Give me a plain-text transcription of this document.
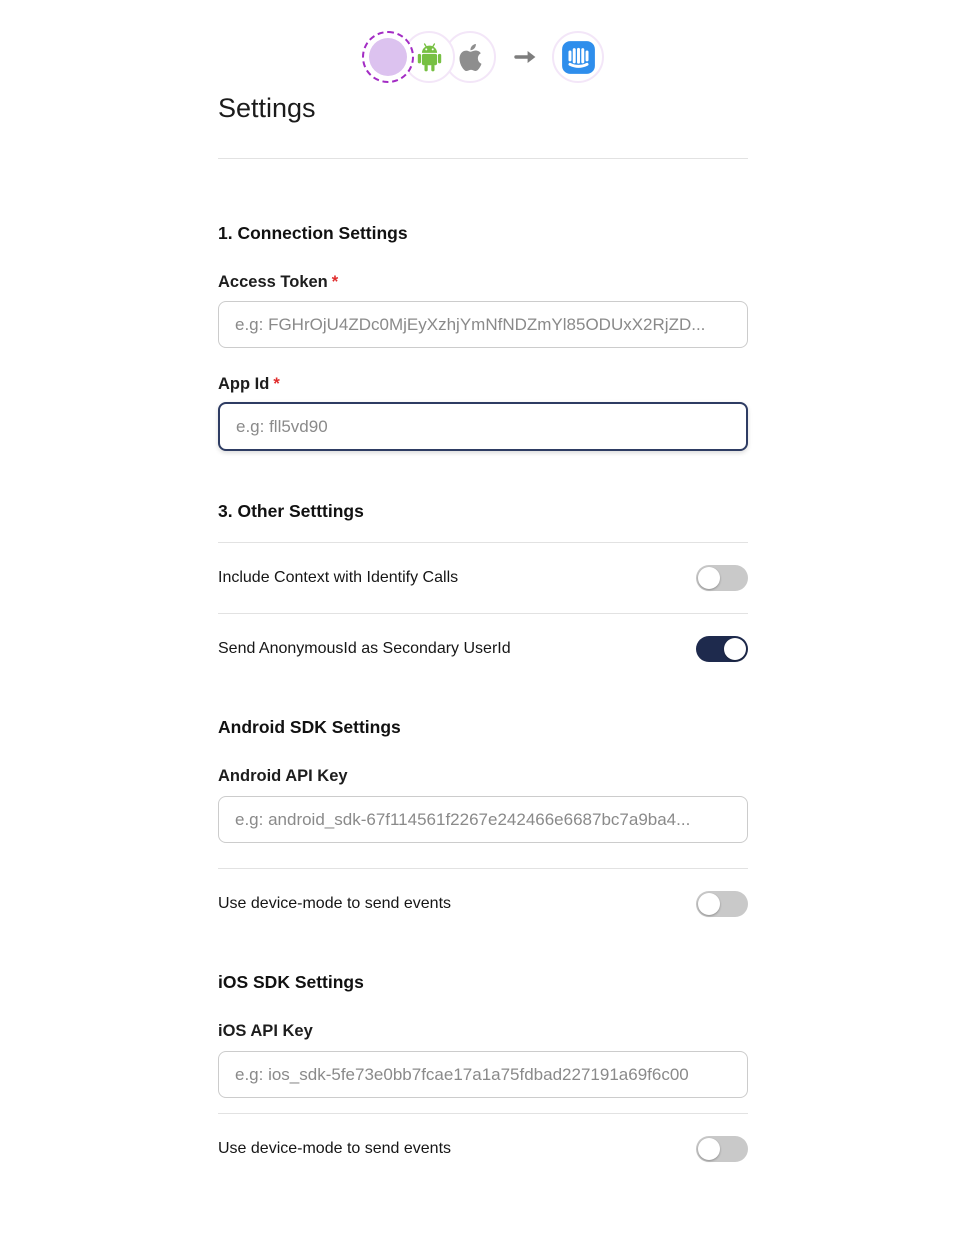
Settings
1. Connection Settings
Access Token *
e.g: FGHrOjU4ZDc0MjEyXzhjYmNfNDZmYl85ODUxX2RjZD...
App Id *
e.g: fll5vd90
3. Other Setttings
Include Context with Identify Calls
Send AnonymousId as Secondary UserId
Android SDK Settings
Android API Key
e.g: android_sdk-67f114561f2267e242466e6687bc7a9ba4...
Use device-mode to send events
iOS SDK Settings
iOS API Key
e.g: ios_sdk-5fe73e0bb7fcae17a1a75fdbad227191a69f6c00
Use device-mode to send events
